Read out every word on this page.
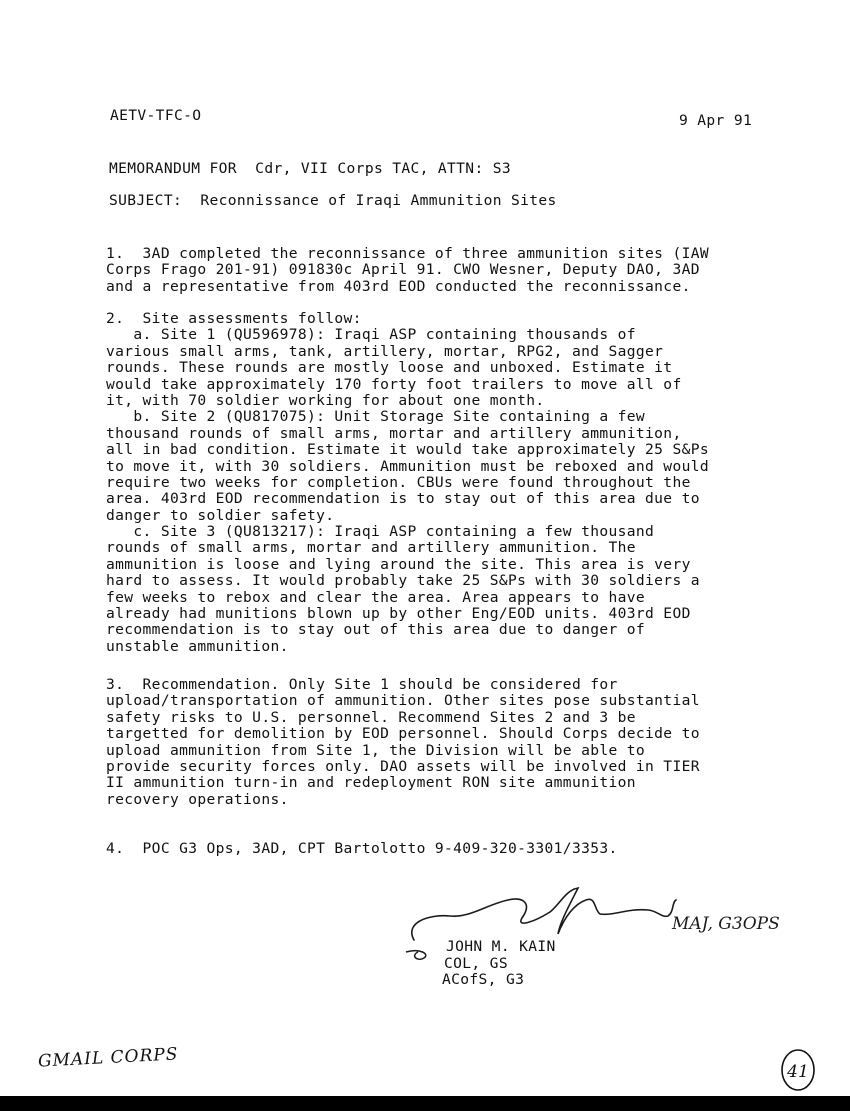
AETV-TFC-O	9 Apr 91
MEMORANDUM FOR  Cdr, VII Corps TAC, ATTN: S3
SUBJECT:  Reconnissance of Iraqi Ammunition Sites
1.  3AD completed the reconnissance of three ammunition sites (IAW
Corps Frago 201-91) 091830c April 91. CWO Wesner, Deputy DAO, 3AD
and a representative from 403rd EOD conducted the reconnissance.
2.  Site assessments follow:
a. Site 1 (QU596978): Iraqi ASP containing thousands of
various small arms, tank, artillery, mortar, RPG2, and Sagger
rounds. These rounds are mostly loose and unboxed. Estimate it
would take approximately 170 forty foot trailers to move all of
it, with 70 soldier working for about one month.
b. Site 2 (QU817075): Unit Storage Site containing a few
thousand rounds of small arms, mortar and artillery ammunition,
all in bad condition. Estimate it would take approximately 25 S&Ps
to move it, with 30 soldiers. Ammunition must be reboxed and would
require two weeks for completion. CBUs were found throughout the
area. 403rd EOD recommendation is to stay out of this area due to
danger to soldier safety.
c. Site 3 (QU813217): Iraqi ASP containing a few thousand
rounds of small arms, mortar and artillery ammunition. The
ammunition is loose and lying around the site. This area is very
hard to assess. It would probably take 25 S&Ps with 30 soldiers a
few weeks to rebox and clear the area. Area appears to have
already had munitions blown up by other Eng/EOD units. 403rd EOD
recommendation is to stay out of this area due to danger of
unstable ammunition.
3.  Recommendation. Only Site 1 should be considered for
upload/transportation of ammunition. Other sites pose substantial
safety risks to U.S. personnel. Recommend Sites 2 and 3 be
targetted for demolition by EOD personnel. Should Corps decide to
upload ammunition from Site 1, the Division will be able to
provide security forces only. DAO assets will be involved in TIER
II ammunition turn-in and redeployment RON site ammunition
recovery operations.
4.  POC G3 Ops, 3AD, CPT Bartolotto 9-409-320-3301/3353.
MAJ, G3OPS
JOHN M. KAIN
COL, GS
ACofS, G3
GMAIL CORPS
41
